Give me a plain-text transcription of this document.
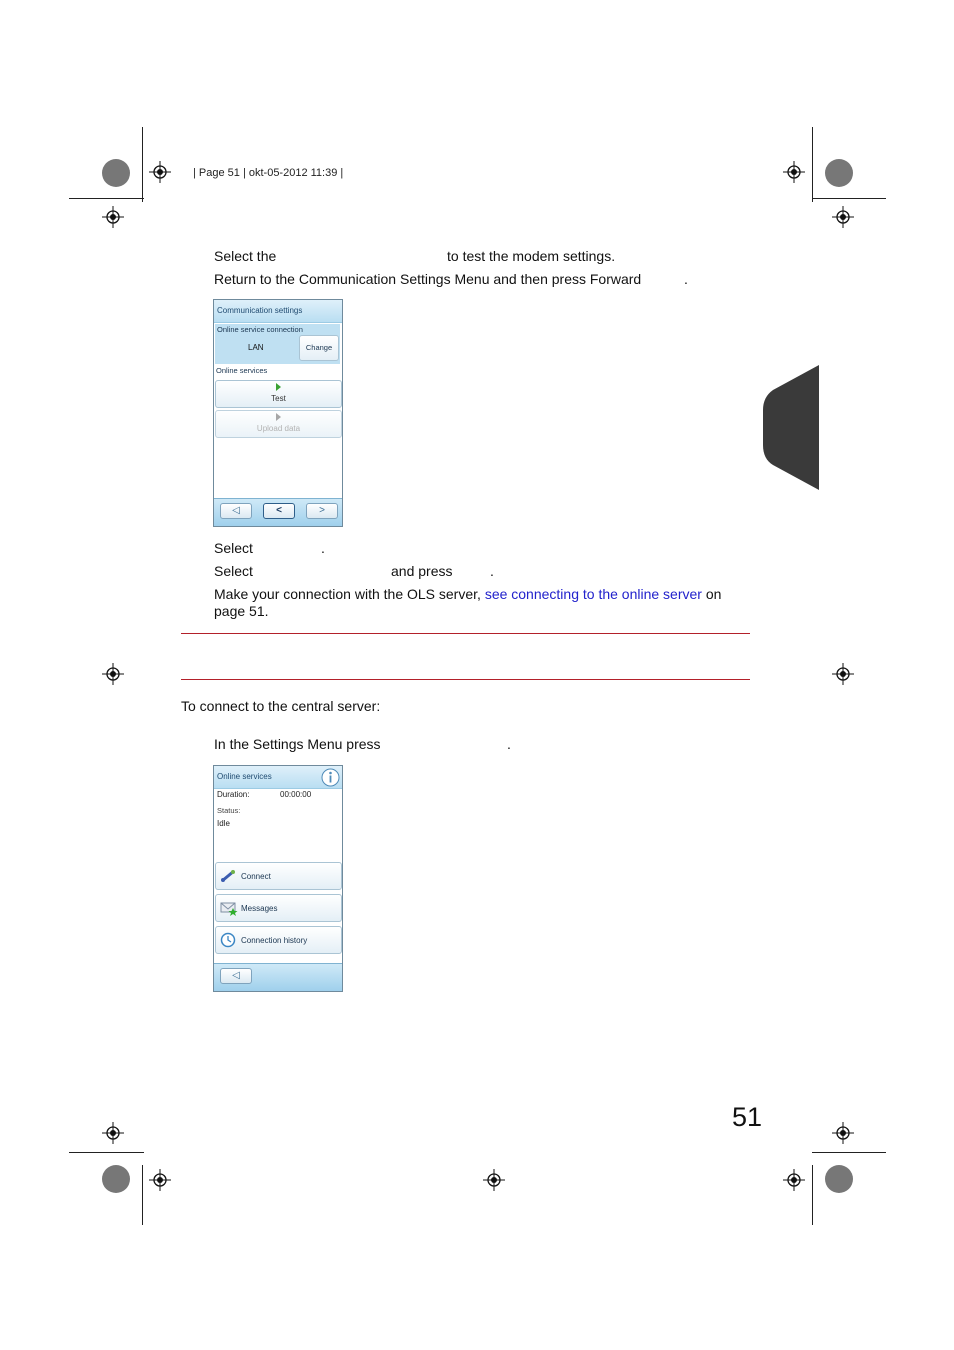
| Page 51 | okt-05-2012 11:39 |
Select the	to test the modem settings.
Return to the Communication Settings Menu and then press Forward	.
Communication settings
Online service connection
LAN	Change
Online services
Test
Upload data
◁	<	>
Select	.
Select	and press	.
Make your connection with the OLS server, see connecting to the online server on
page 51.
To connect to the central server:
In the Settings Menu press	.
Online services
Duration:	00:00:00
Status:
Idle
Connect
Messages
Connection history
◁
51
